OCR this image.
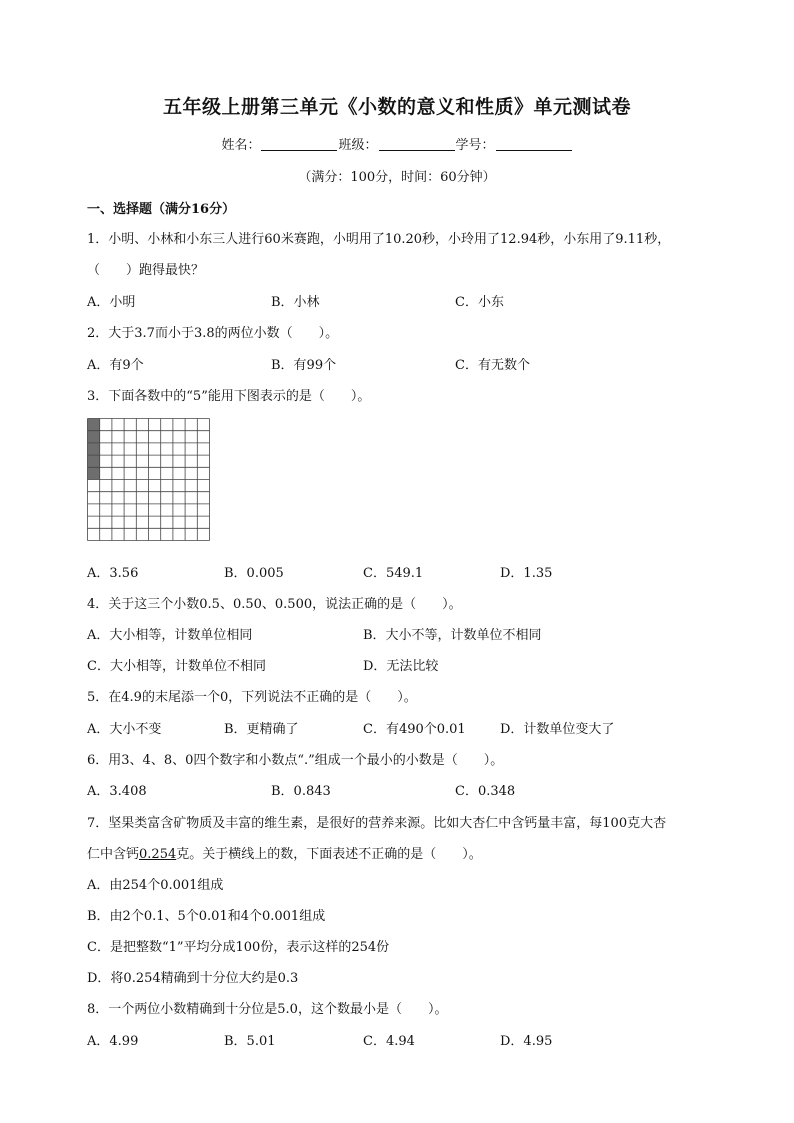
五年级上册第三单元《小数的意义和性质》单元测试卷
姓名：	班级：	学号：
（满分：100分，时间：60分钟）
一、选择题（满分16分）
1．小明、小林和小东三人进行60米赛跑，小明用了10.20秒，小玲用了12.94秒，小东用了9.11秒，
（　　）跑得最快？
A．小明	B．小林	C．小东
2．大于3.7而小于3.8的两位小数（　　）。
A．有9个	B．有99个	C．有无数个
3．下面各数中的“5”能用下图表示的是（　　）。
A．3.56	B．0.005	C．549.1	D．1.35
4．关于这三个小数0.5、0.50、0.500，说法正确的是（　　）。
A．大小相等，计数单位相同	B．大小不等，计数单位不相同
C．大小相等，计数单位不相同	D．无法比较
5．在4.9的末尾添一个0，下列说法不正确的是（　　）。
A．大小不变	B．更精确了	C．有490个0.01	D．计数单位变大了
6．用3、4、8、0四个数字和小数点“.”组成一个最小的小数是（　　）。
A．3.408	B．0.843	C．0.348
7．坚果类富含矿物质及丰富的维生素，是很好的营养来源。比如大杏仁中含钙量丰富，每100克大杏
仁中含钙0.254克。关于横线上的数，下面表述不正确的是（　　）。
A．由254个0.001组成
B．由2个0.1、5个0.01和4个0.001组成
C．是把整数“1”平均分成100份，表示这样的254份
D．将0.254精确到十分位大约是0.3
8．一个两位小数精确到十分位是5.0，这个数最小是（　　）。
A．4.99	B．5.01	C．4.94	D．4.95
